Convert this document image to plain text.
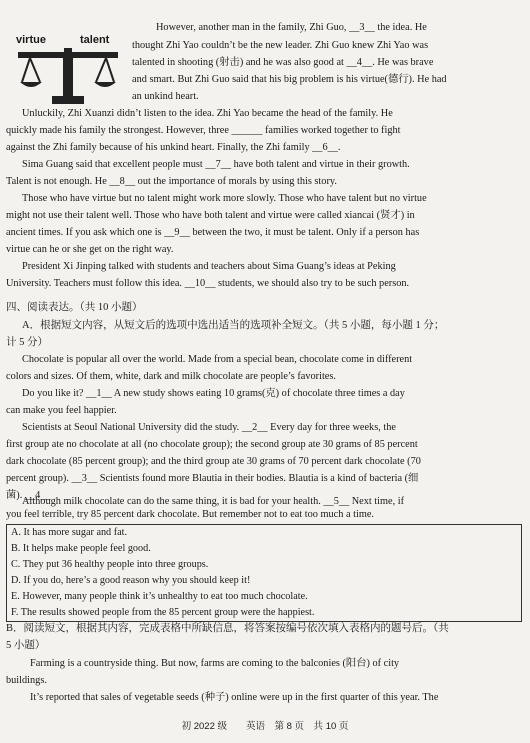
virtue	talent
However, another man in the family, Zhi Guo, __3__ the idea. He
thought Zhi Yao couldn’t be the new leader. Zhi Guo knew Zhi Yao was
talented in shooting (射击) and he was also good at __4__. He was brave
and smart. But Zhi Guo said that his big problem is his virtue(德行). He had
an unkind heart.
Unluckily, Zhi Xuanzi didn’t listen to the idea. Zhi Yao became the head of the family. He
quickly made his family the strongest. However, three ______ families worked together to fight
against the Zhi family because of his unkind heart. Finally, the Zhi family __6__.
Sima Guang said that excellent people must __7__ have both talent and virtue in their growth.
Talent is not enough. He __8__ out the importance of morals by using this story.
Those who have virtue but no talent might work more slowly. Those who have talent but no virtue
might not use their talent well. Those who have both talent and virtue were called xiancai (贤才) in
ancient times. If you ask which one is __9__ between the two, it must be talent. Only if a person has
virtue can he or she get on the right way.
President Xi Jinping talked with students and teachers about Sima Guang’s ideas at Peking
University. Teachers must follow this idea. __10__ students, we should also try to be such person.
四、阅读表达。（共 10 小题）
A．根据短文内容，从短文后的选项中选出适当的选项补全短文。（共 5 小题，每小题 1 分；
计 5 分）
Chocolate is popular all over the world. Made from a special bean, chocolate come in different
colors and sizes. Of them, white, dark and milk chocolate are people’s favorites.
Do you like it? __1__ A new study shows eating 10 grams(克) of chocolate three times a day
can make you feel happier.
Scientists at Seoul National University did the study. __2__ Every day for three weeks, the
first group ate no chocolate at all (no chocolate group); the second group ate 30 grams of 85 percent
dark chocolate (85 percent group); and the third group ate 30 grams of 70 percent dark chocolate (70
percent group). __3__ Scientists found more Blautia in their bodies. Blautia is a kind of bacteria (细
菌). __4__
Although milk chocolate can do the same thing, it is bad for your health. __5__ Next time, if
you feel terrible, try 85 percent dark chocolate. But remember not to eat too much a time.
A. It has more sugar and fat.
B. It helps make people feel good.
C. They put 36 healthy people into three groups.
D. If you do, here’s a good reason why you should keep it!
E. However, many people think it’s unhealthy to eat too much chocolate.
F. The results showed people from the 85 percent group were the happiest.
B．阅读短文，根据其内容，完成表格中所缺信息，将答案按编号依次填入表格内的题号后。（共
5 小题）
Farming is a countryside thing. But now, farms are coming to the balconies (阳台) of city
buildings.
It’s reported that sales of vegetable seeds (种子) online were up in the first quarter of this year. The
初 2022 级　　英语　第 8 页　共 10 页
